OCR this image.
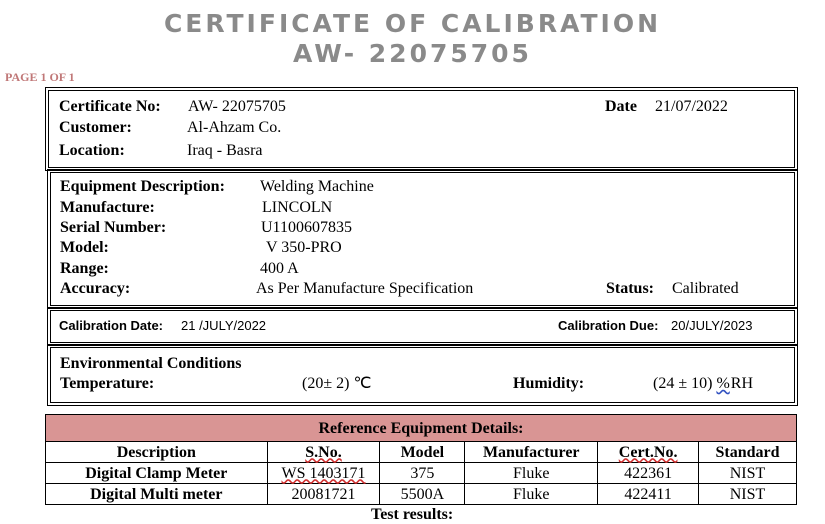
CERTIFICATE OF CALIBRATION
AW- 22075705
PAGE 1 OF 1
Certificate No: AW- 22075705	Date 21/07/2022
Customer:	Al-Ahzam Co.
Location:	Iraq - Basra
Equipment Description: Welding Machine
Manufacture:	LINCOLN
Serial Number:	U1100607835
Model:	V 350-PRO
Range:	400 A
Accuracy:	As Per Manufacture Specification	Status: Calibrated
Calibration Date: 21 /JULY/2022	Calibration Due: 20/JULY/2023
Environmental Conditions
Temperature:	(20± 2) ℃	Humidity:	(24 ± 10) % RH
Reference Equipment Details:					
Description	S.No.	Model	Manufacturer	Cert.No.	Standard
Digital Clamp Meter	WS 1403171	375	Fluke	422361	NIST
Digital Multi meter	20081721	5500A	Fluke	422411	NIST
Test results:
